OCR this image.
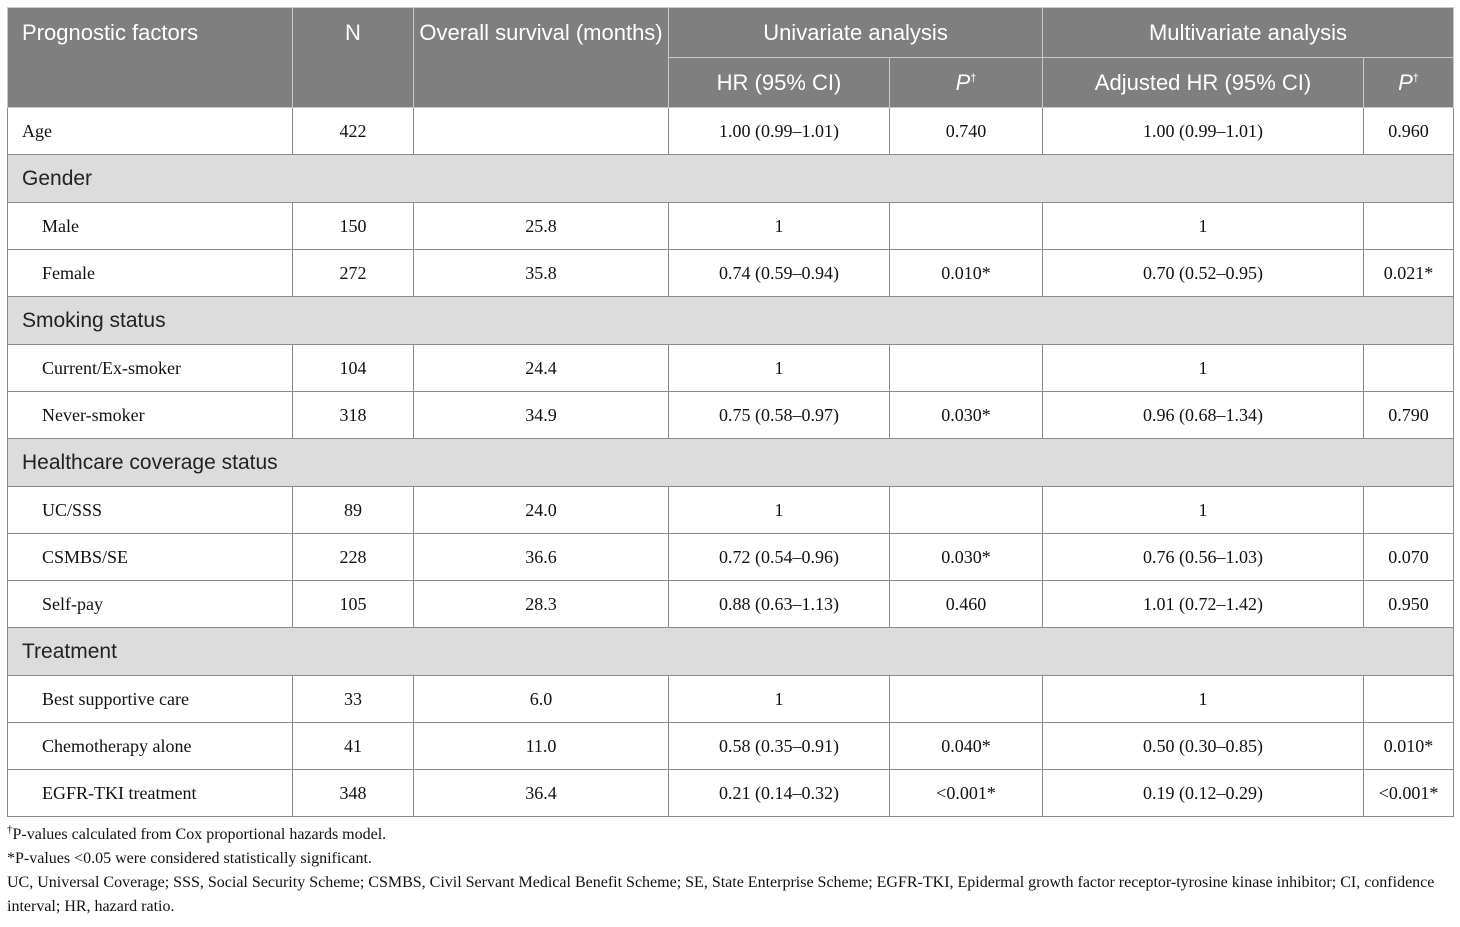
Prognostic factors	N	Overall survival (months)	Univariate analysis		Multivariate analysis	
			HR (95% CI)	P†	Adjusted HR (95% CI)	P†
Age	422		1.00 (0.99–1.01)	0.740	1.00 (0.99–1.01)	0.960
Gender						
Male	150	25.8	1		1	
Female	272	35.8	0.74 (0.59–0.94)	0.010*	0.70 (0.52–0.95)	0.021*
Smoking status						
Current/Ex-smoker	104	24.4	1		1	
Never-smoker	318	34.9	0.75 (0.58–0.97)	0.030*	0.96 (0.68–1.34)	0.790
Healthcare coverage status						
UC/SSS	89	24.0	1		1	
CSMBS/SE	228	36.6	0.72 (0.54–0.96)	0.030*	0.76 (0.56–1.03)	0.070
Self-pay	105	28.3	0.88 (0.63–1.13)	0.460	1.01 (0.72–1.42)	0.950
Treatment						
Best supportive care	33	6.0	1		1	
Chemotherapy alone	41	11.0	0.58 (0.35–0.91)	0.040*	0.50 (0.30–0.85)	0.010*
EGFR-TKI treatment	348	36.4	0.21 (0.14–0.32)	<0.001*	0.19 (0.12–0.29)	<0.001*

†P-values calculated from Cox proportional hazards model.

*P-values <0.05 were considered statistically significant.

UC, Universal Coverage; SSS, Social Security Scheme; CSMBS, Civil Servant Medical Benefit Scheme; SE, State Enterprise Scheme; EGFR-TKI, Epidermal growth factor receptor-tyrosine kinase inhibitor; CI, confidence interval; HR, hazard ratio.
